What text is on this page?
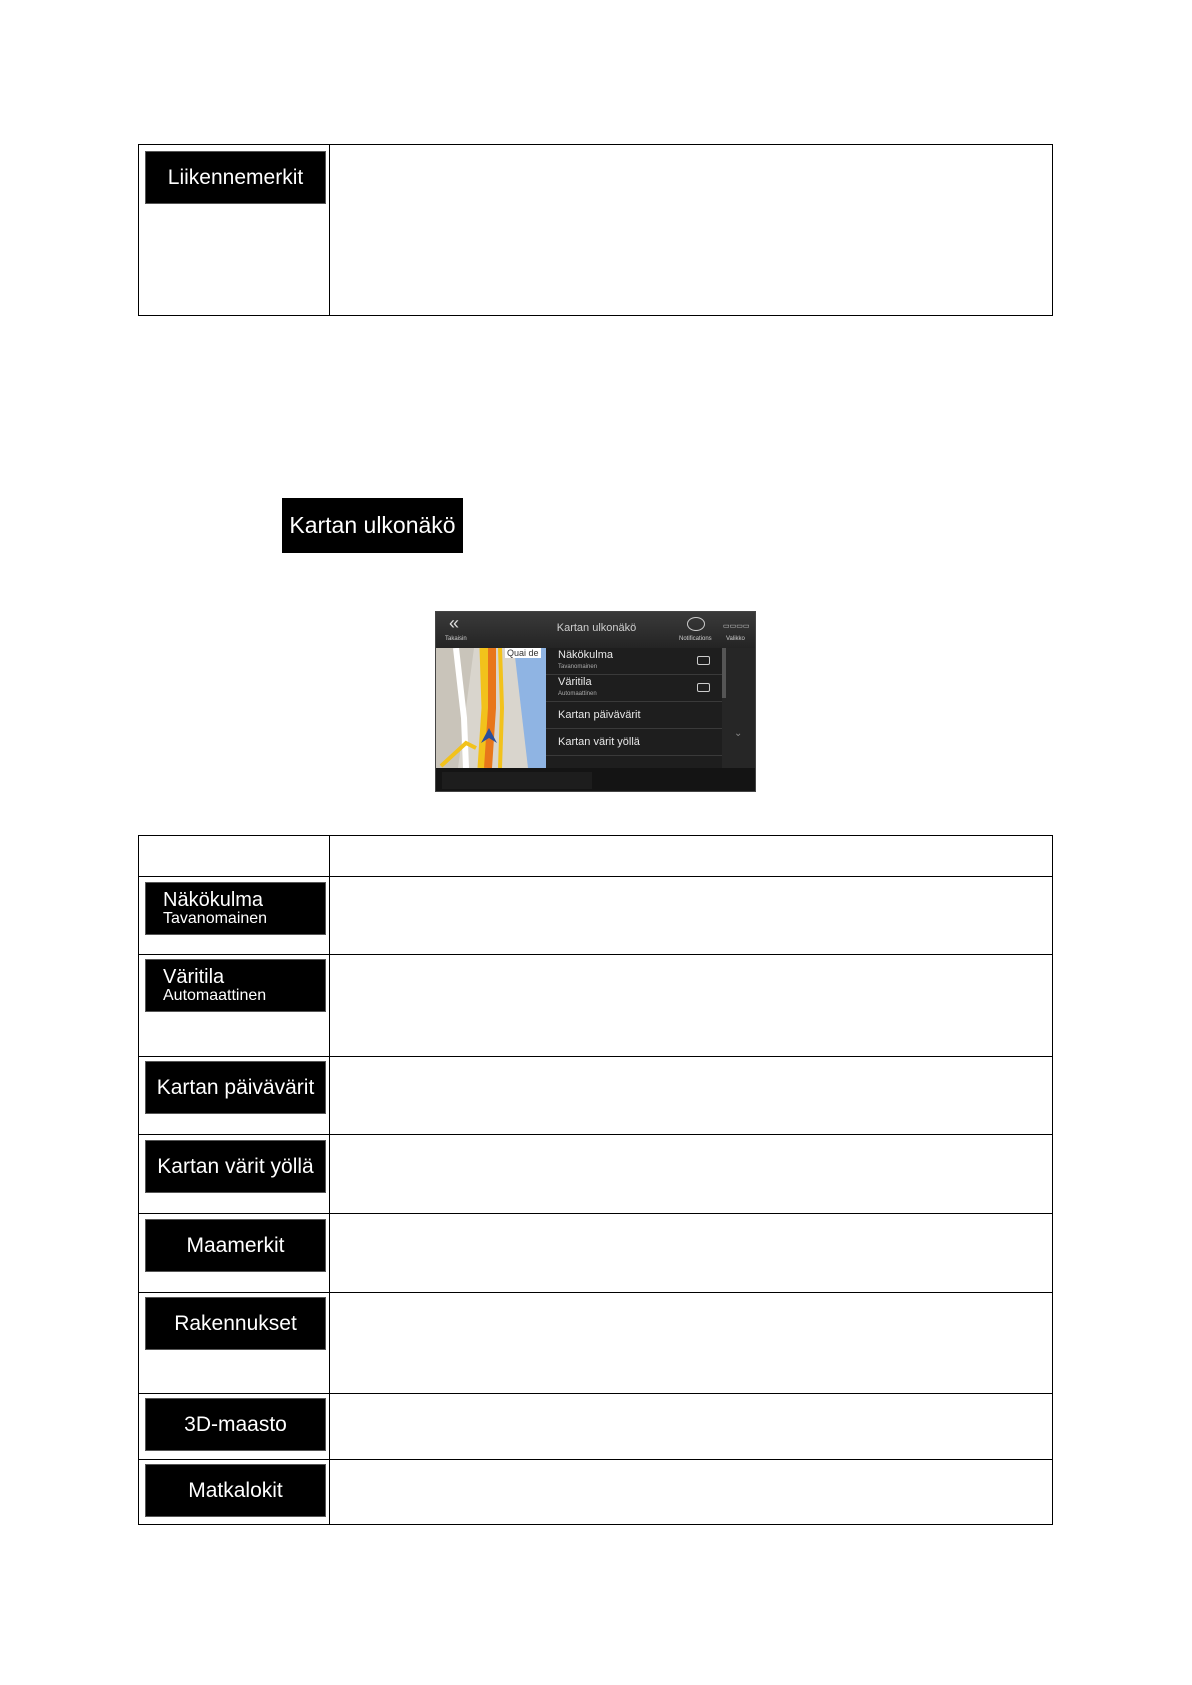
Liikennemerkit

Kartan ulkonäkö
«
Takaisin
Kartan ulkonäkö
Notifications
▭▭▭▭
Valikko
Quai de Näkökulma
Tavanomainen
Väritila
Automaattinen
Kartan päivävärit
Kartan värit yöllä
⌄

Näkökulma
Tavanomainen	

Väritila
Automaattinen	

Kartan päivävärit	

Kartan värit yöllä	

Maamerkit	

Rakennukset	

3D-maasto	

Matkalokit	
